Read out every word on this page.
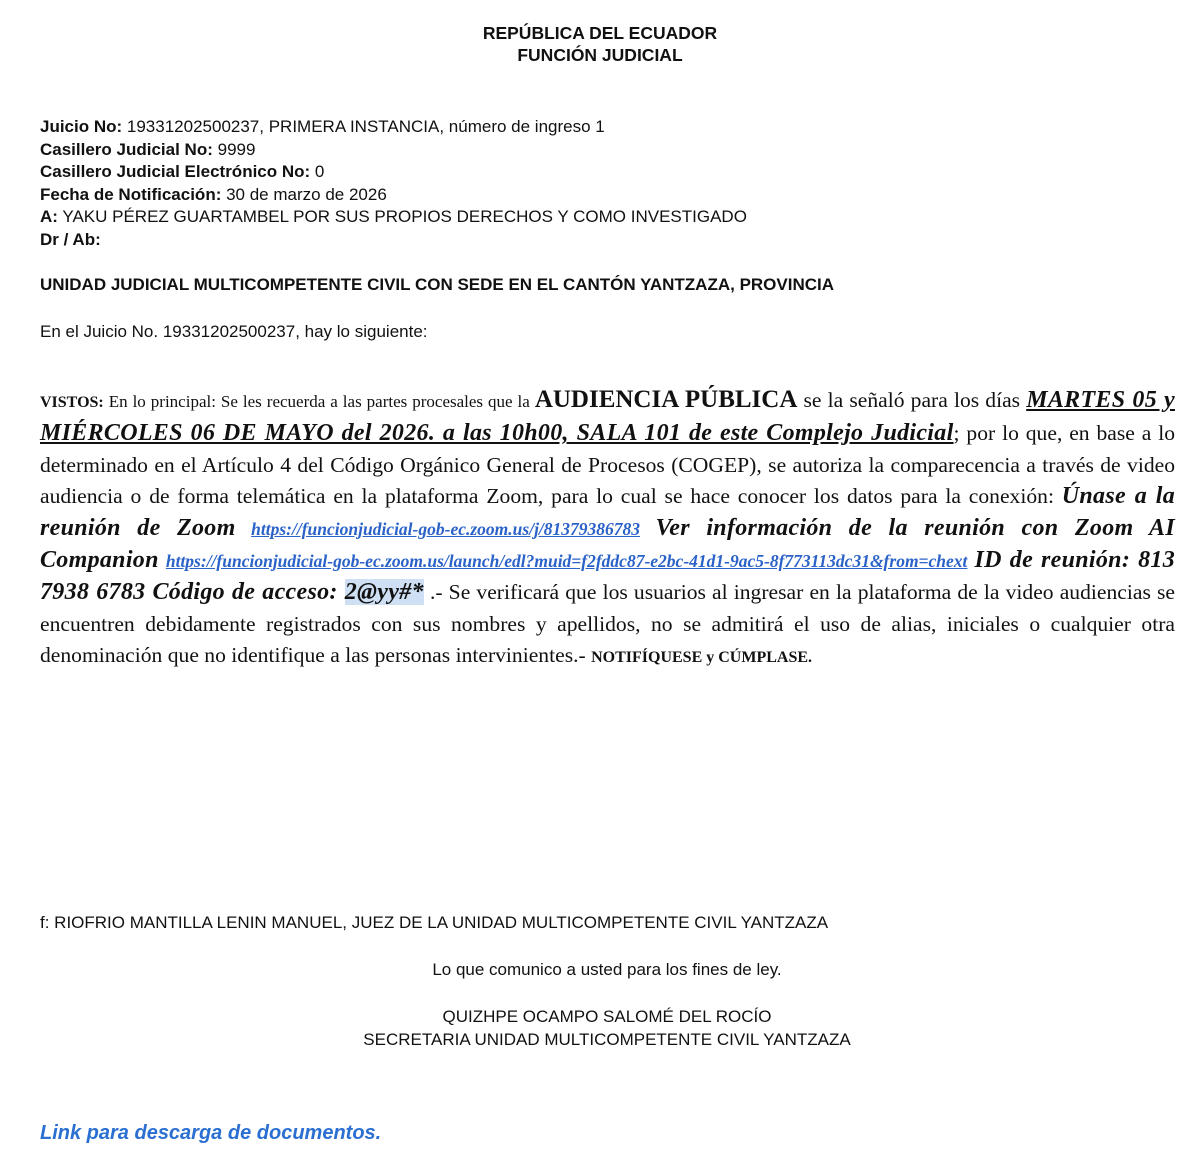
REPÚBLICA DEL ECUADOR
FUNCIÓN JUDICIAL
Juicio No: 19331202500237, PRIMERA INSTANCIA, número de ingreso 1
Casillero Judicial No: 9999
Casillero Judicial Electrónico No: 0
Fecha de Notificación: 30 de marzo de 2026
A: YAKU PÉREZ GUARTAMBEL POR SUS PROPIOS DERECHOS Y COMO INVESTIGADO
Dr / Ab:
UNIDAD JUDICIAL MULTICOMPETENTE CIVIL CON SEDE EN EL CANTÓN YANTZAZA, PROVINCIA
En el Juicio No. 19331202500237, hay lo siguiente:

VISTOS: En lo principal: Se les recuerda a las partes procesales que la AUDIENCIA PÚBLICA se la señaló para los días MARTES 05 y MIÉRCOLES 06 DE MAYO del 2026. a las 10h00, SALA 101 de este Complejo Judicial; por lo que, en base a lo determinado en el Artículo 4 del Código Orgánico General de Procesos (COGEP), se autoriza la comparecencia a través de video audiencia o de forma telemática en la plataforma Zoom, para lo cual se hace conocer los datos para la conexión: Únase a la reunión de Zoom https://funcionjudicial-gob-ec.zoom.us/j/81379386783 Ver información de la reunión con Zoom AI Companion https://funcionjudicial-gob-ec.zoom.us/launch/edl?muid=f2fddc87-e2bc-41d1-9ac5-8f773113dc31&from=chext ID de reunión: 813 7938 6783 Código de acceso: 2@yy#* .- Se verificará que los usuarios al ingresar en la plataforma de la video audiencias se encuentren debidamente registrados con sus nombres y apellidos, no se admitirá el uso de alias, iniciales o cualquier otra denominación que no identifique a las personas intervinientes.- NOTIFÍQUESE y CÚMPLASE.

f: RIOFRIO MANTILLA LENIN MANUEL, JUEZ DE LA UNIDAD MULTICOMPETENTE CIVIL YANTZAZA
Lo que comunico a usted para los fines de ley.
QUIZHPE OCAMPO SALOMÉ DEL ROCÍO
SECRETARIA UNIDAD MULTICOMPETENTE CIVIL YANTZAZA
Link para descarga de documentos.
